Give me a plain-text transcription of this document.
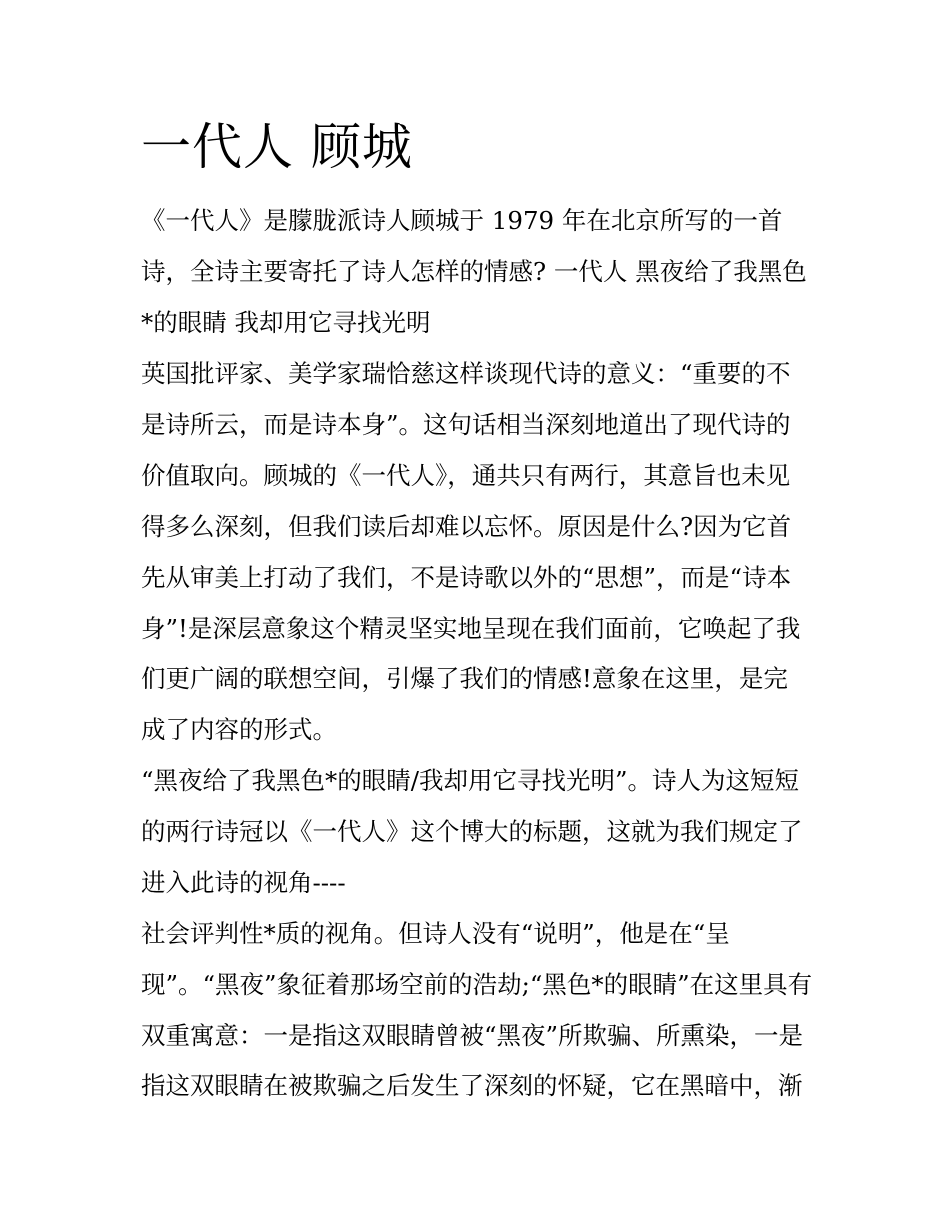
一代人 顾城

《一代人》是朦胧派诗人顾城于 1979 年在北京所写的一首

诗，全诗主要寄托了诗人怎样的情感? 一代人 黑夜给了我黑色

*的眼睛 我却用它寻找光明

英国批评家、美学家瑞恰慈这样谈现代诗的意义：“重要的不

是诗所云，而是诗本身”。这句话相当深刻地道出了现代诗的

价值取向。顾城的《一代人》，通共只有两行，其意旨也未见

得多么深刻，但我们读后却难以忘怀。原因是什么?因为它首

先从审美上打动了我们，不是诗歌以外的“思想”，而是“诗本

身”!是深层意象这个精灵坚实地呈现在我们面前，它唤起了我

们更广阔的联想空间，引爆了我们的情感!意象在这里，是完

成了内容的形式。

“黑夜给了我黑色*的眼睛/我却用它寻找光明”。诗人为这短短

的两行诗冠以《一代人》这个博大的标题，这就为我们规定了

进入此诗的视角----

社会评判性*质的视角。但诗人没有“说明”，他是在“呈

现”。“黑夜”象征着那场空前的浩劫;“黑色*的眼睛”在这里具有

双重寓意：一是指这双眼睛曾被“黑夜”所欺骗、所熏染，一是

指这双眼睛在被欺骗之后发生了深刻的怀疑，它在黑暗中，渐
